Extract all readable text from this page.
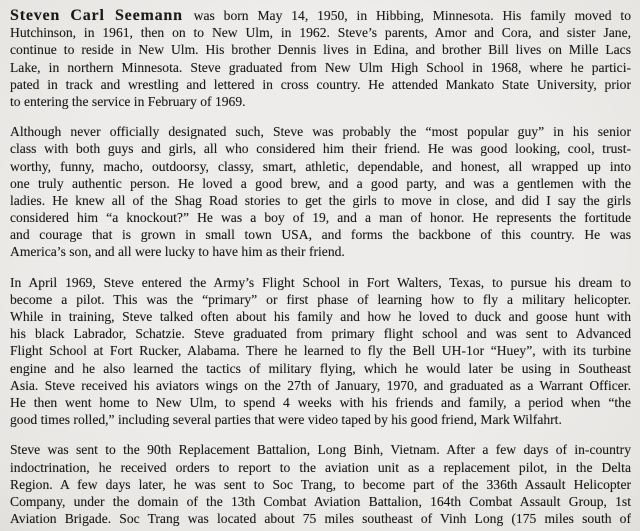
Steven Carl Seemann was born May 14, 1950, in Hibbing, Minnesota. His family moved to
Hutchinson, in 1961, then on to New Ulm, in 1962. Steve’s parents, Amor and Cora, and sister Jane,
continue to reside in New Ulm. His brother Dennis lives in Edina, and brother Bill lives on Mille Lacs
Lake, in northern Minnesota. Steve graduated from New Ulm High School in 1968, where he partici-
pated in track and wrestling and lettered in cross country. He attended Mankato State University, prior
to entering the service in February of 1969.
Although never officially designated such, Steve was probably the “most popular guy” in his senior
class with both guys and girls, all who considered him their friend. He was good looking, cool, trust-
worthy, funny, macho, outdoorsy, classy, smart, athletic, dependable, and honest, all wrapped up into
one truly authentic person. He loved a good brew, and a good party, and was a gentlemen with the
ladies. He knew all of the Shag Road stories to get the girls to move in close, and did I say the girls
considered him “a knockout?” He was a boy of 19, and a man of honor. He represents the fortitude
and courage that is grown in small town USA, and forms the backbone of this country. He was
America’s son, and all were lucky to have him as their friend.
In April 1969, Steve entered the Army’s Flight School in Fort Walters, Texas, to pursue his dream to
become a pilot. This was the “primary” or first phase of learning how to fly a military helicopter.
While in training, Steve talked often about his family and how he loved to duck and goose hunt with
his black Labrador, Schatzie. Steve graduated from primary flight school and was sent to Advanced
Flight School at Fort Rucker, Alabama. There he learned to fly the Bell UH-1or “Huey”, with its turbine
engine and he also learned the tactics of military flying, which he would later be using in Southeast
Asia. Steve received his aviators wings on the 27th of January, 1970, and graduated as a Warrant Officer.
He then went home to New Ulm, to spend 4 weeks with his friends and family, a period when “the
good times rolled,” including several parties that were video taped by his good friend, Mark Wilfahrt.
Steve was sent to the 90th Replacement Battalion, Long Binh, Vietnam. After a few days of in-country
indoctrination, he received orders to report to the aviation unit as a replacement pilot, in the Delta
Region. A few days later, he was sent to Soc Trang, to become part of the 336th Assault Helicopter
Company, under the domain of the 13th Combat Aviation Battalion, 164th Combat Assault Group, 1st
Aviation Brigade. Soc Trang was located about 75 miles southeast of Vinh Long (175 miles south of
